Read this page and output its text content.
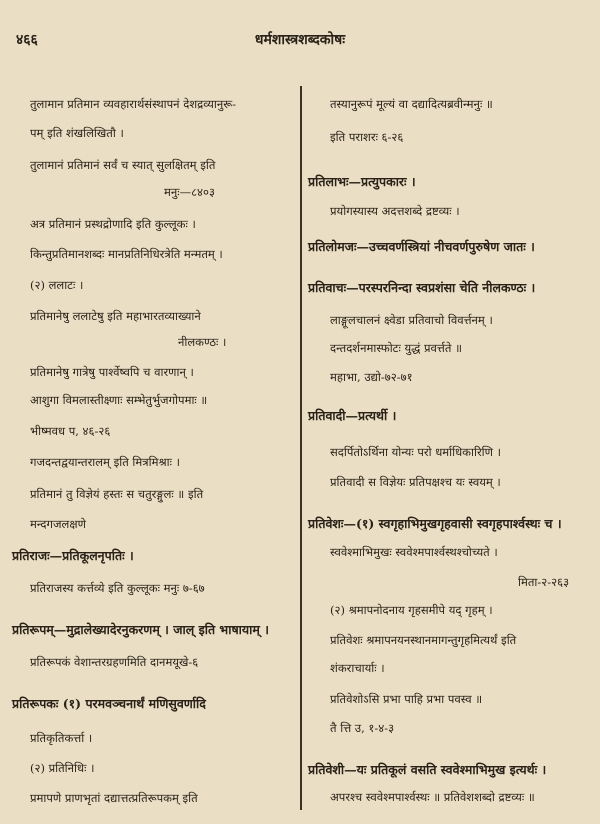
४६६	धर्मशास्त्रशब्दकोषः
तुलामान प्रतिमान व्यवहारार्थसंस्थापनं देशद्रव्यानुरू-
पम् इति शंखलिखितौ ।
तुलामानं प्रतिमानं सर्वं च स्यात् सुलक्षितम् इति
मनुः—८४०३
अत्र प्रतिमानं प्रस्थद्रोणादि इति कुल्लूकः ।
किन्तुप्रतिमानशब्दः मानप्रतिनिधिरत्रेति मन्मतम् ।
(२) ललाटः ।
प्रतिमानेषु ललाटेषु इति महाभारतव्याख्याने
नीलकण्ठः ।
प्रतिमानेषु गात्रेषु पार्श्वेष्वपि च वारणान् ।
आशुगा विमलास्तीक्ष्णाः सम्भेतुर्भुजगोपमाः ॥
भीष्मवध प, ४६-२६
गजदन्तद्वयान्तरालम् इति मित्रमिश्राः ।
प्रतिमानं तु विज्ञेयं हस्तः स चतुरङ्गुलः ॥ इति
मन्दगजलक्षणे
प्रतिराजः—प्रतिकूलनृपतिः ।
प्रतिराजस्य कर्त्तव्ये इति कुल्लूकः मनुः ७-६७
प्रतिरूपम्—मुद्रालेख्यादेरनुकरणम् । जाल् इति भाषायाम् ।
प्रतिरूपकं वेशान्तरग्रहणमिति दानमयूखे-६
प्रतिरूपकः (१) परमवञ्चनार्थं मणिसुवर्णादि
प्रतिकृतिकर्त्ता ।
(२) प्रतिनिधिः ।
प्रमापणे प्राणभृतां दद्यात्तत्प्रतिरूपकम् इति
तस्यानुरूपं मूल्यं वा दद्यादित्यब्रवीन्मनुः ॥
इति पराशरः ६-२६
प्रतिलाभः—प्रत्युपकारः ।
प्रयोगस्यास्य अदत्तशब्दे द्रष्टव्यः ।
प्रतिलोमजः—उच्चवर्णस्त्रियां नीचवर्णपुरुषेण जातः ।
प्रतिवाचः—परस्परनिन्दा स्वप्रशंसा चेति नीलकण्ठः ।
लाङ्गूलचालनं क्ष्वेडा प्रतिवाचो विवर्त्तनम् ।
दन्तदर्शनमास्फोटः युद्धं प्रवर्त्तते ॥
महाभा, उद्यो-७२-७१
प्रतिवादी—प्रत्यर्थी ।
सदर्पितोऽर्थिना योन्यः परो धर्माधिकारिणि ।
प्रतिवादी स विज्ञेयः प्रतिपक्षश्च यः स्वयम् ।
प्रतिवेशः—(१) स्वगृहाभिमुखगृहवासी स्वगृहपार्श्वस्थः च ।
स्ववेश्माभिमुखः स्ववेश्मपार्श्वस्थश्चोच्यते ।
मिता-२-२६३
(२) श्रमापनोदनाय गृहसमीपे यद् गृहम् ।
प्रतिवेशः श्रमापनयनस्थानमागन्तुगृहमित्यर्थं इति
शंकराचार्याः ।
प्रतिवेशोऽसि प्रभा पाहि प्रभा पवस्व ॥
तै त्ति उ, १-४-३
प्रतिवेशी—यः प्रतिकूलं वसति स्ववेश्माभिमुख इत्यर्थः ।
अपरश्च स्ववेश्मपार्श्वस्थः ॥ प्रतिवेशशब्दो द्रष्टव्यः ॥
